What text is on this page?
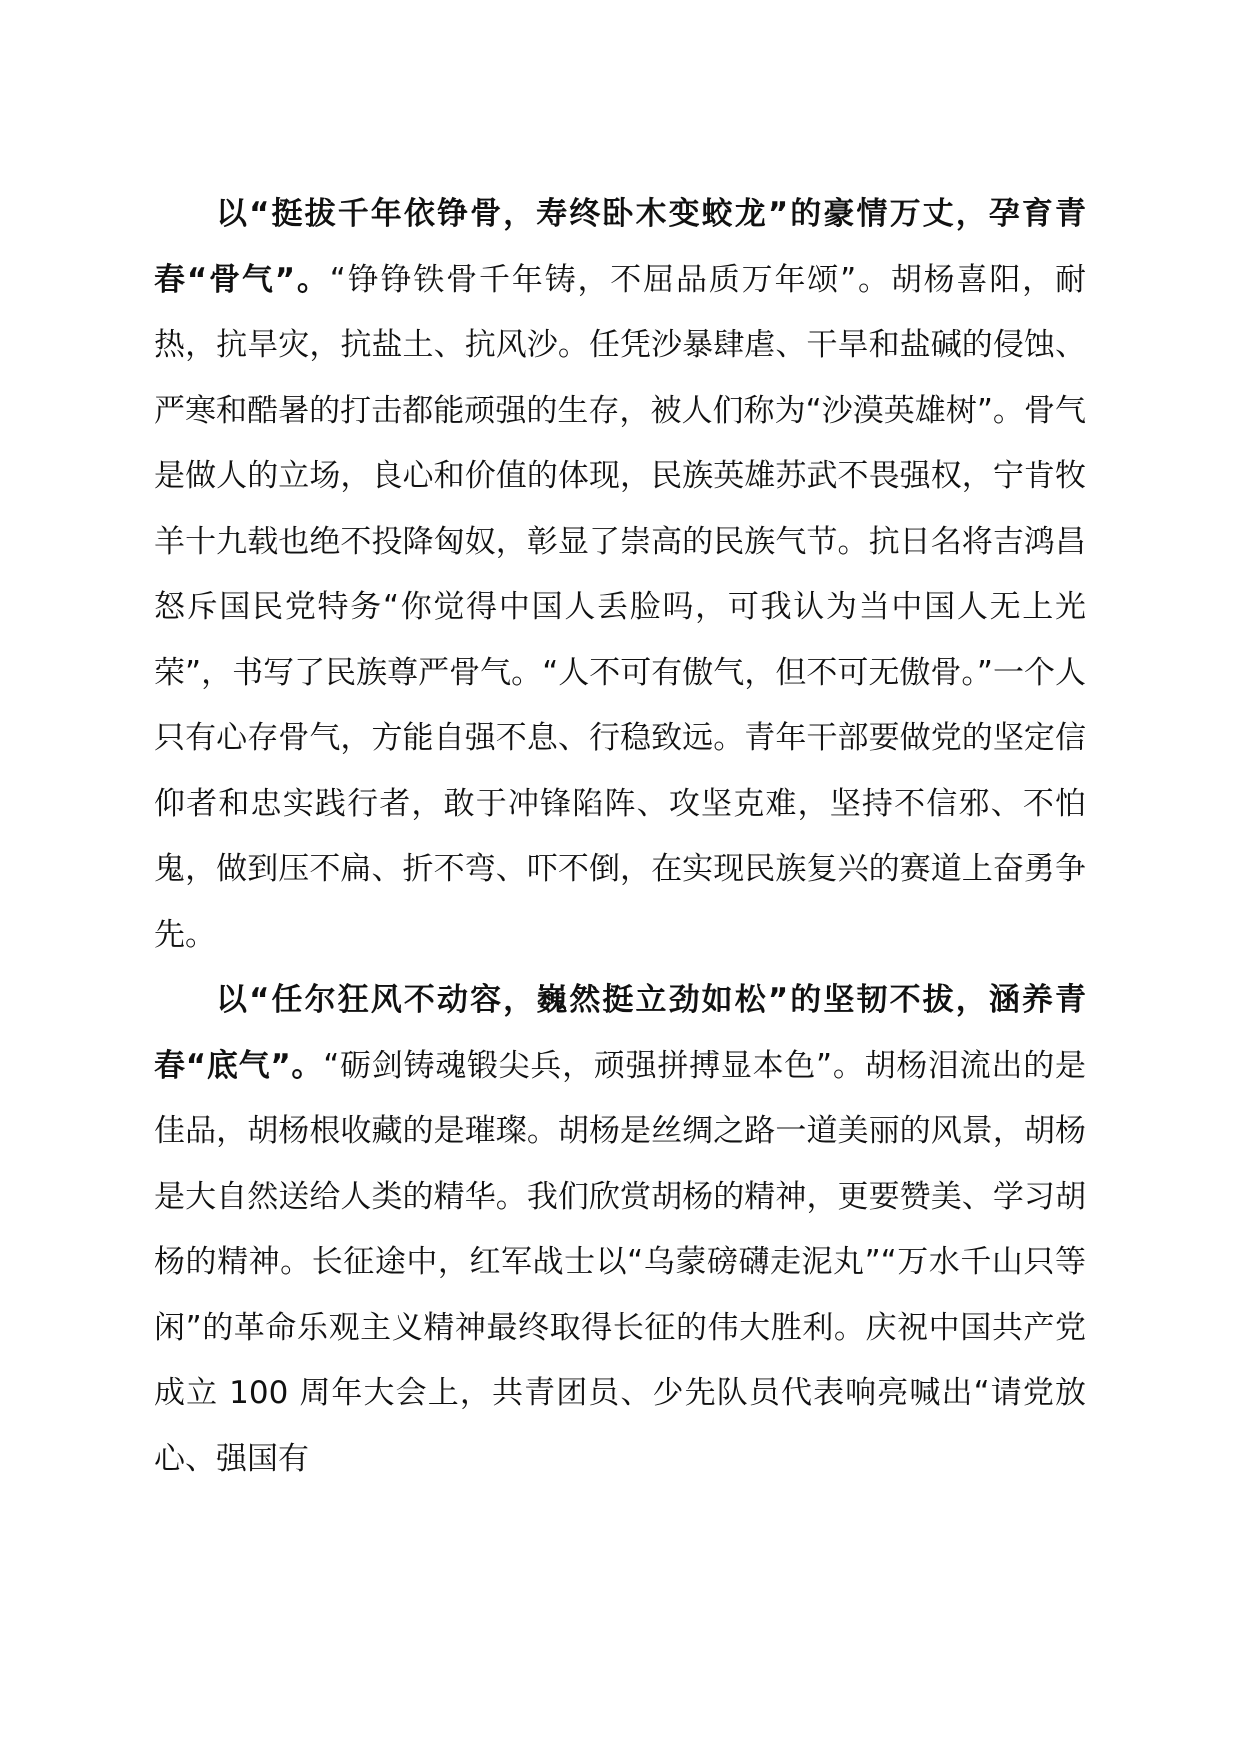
以“挺拔千年依铮骨，寿终卧木变蛟龙”的豪情万丈，孕育青春“骨气”。“铮铮铁骨千年铸，不屈品质万年颂”。胡杨喜阳，耐热，抗旱灾，抗盐土、抗风沙。任凭沙暴肆虐、干旱和盐碱的侵蚀、严寒和酷暑的打击都能顽强的生存，被人们称为“沙漠英雄树”。骨气是做人的立场，良心和价值的体现，民族英雄苏武不畏强权，宁肯牧羊十九载也绝不投降匈奴，彰显了崇高的民族气节。抗日名将吉鸿昌怒斥国民党特务“你觉得中国人丢脸吗，可我认为当中国人无上光荣”，书写了民族尊严骨气。“人不可有傲气，但不可无傲骨。”一个人只有心存骨气，方能自强不息、行稳致远。青年干部要做党的坚定信仰者和忠实践行者，敢于冲锋陷阵、攻坚克难，坚持不信邪、不怕鬼，做到压不扁、折不弯、吓不倒，在实现民族复兴的赛道上奋勇争先。

以“任尔狂风不动容，巍然挺立劲如松”的坚韧不拔，涵养青春“底气”。“砺剑铸魂锻尖兵，顽强拼搏显本色”。胡杨泪流出的是佳品，胡杨根收藏的是璀璨。胡杨是丝绸之路一道美丽的风景，胡杨是大自然送给人类的精华。我们欣赏胡杨的精神，更要赞美、学习胡杨的精神。长征途中，红军战士以“乌蒙磅礴走泥丸”“万水千山只等闲”的革命乐观主义精神最终取得长征的伟大胜利。庆祝中国共产党成立 100 周年大会上，共青团员、少先队员代表响亮喊出“请党放心、强国有
